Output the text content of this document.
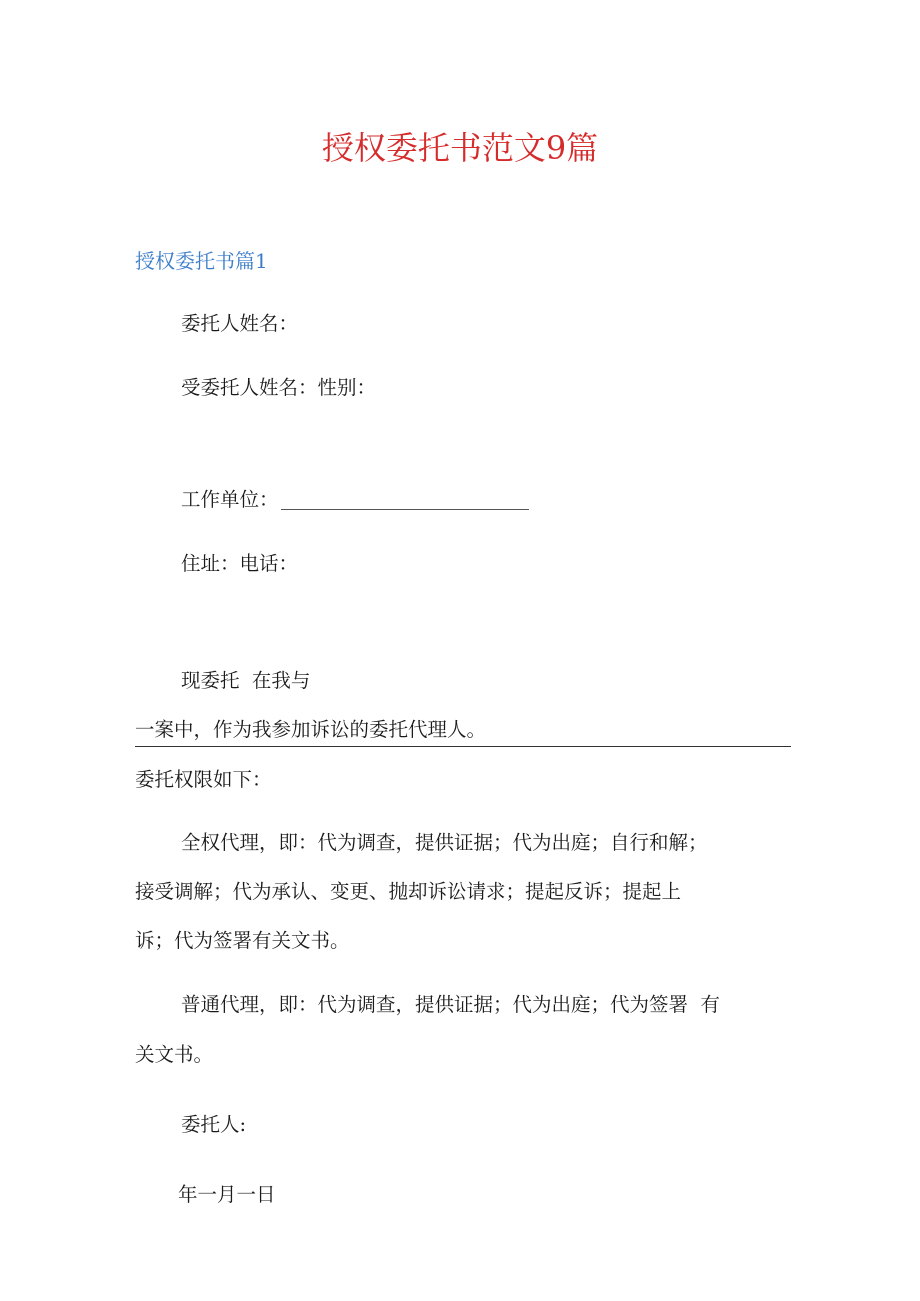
授权委托书范文9篇
授权委托书篇1
委托人姓名：
受委托人姓名：性别：
工作单位：
住址：电话：
现委托  在我与
一案中，作为我参加诉讼的委托代理人。
委托权限如下：
全权代理，即：代为调查，提供证据；代为出庭；自行和解；
接受调解；代为承认、变更、抛却诉讼请求；提起反诉；提起上
诉；代为签署有关文书。
普通代理，即：代为调查，提供证据；代为出庭；代为签署  有
关文书。
委托人:
年一月一日
